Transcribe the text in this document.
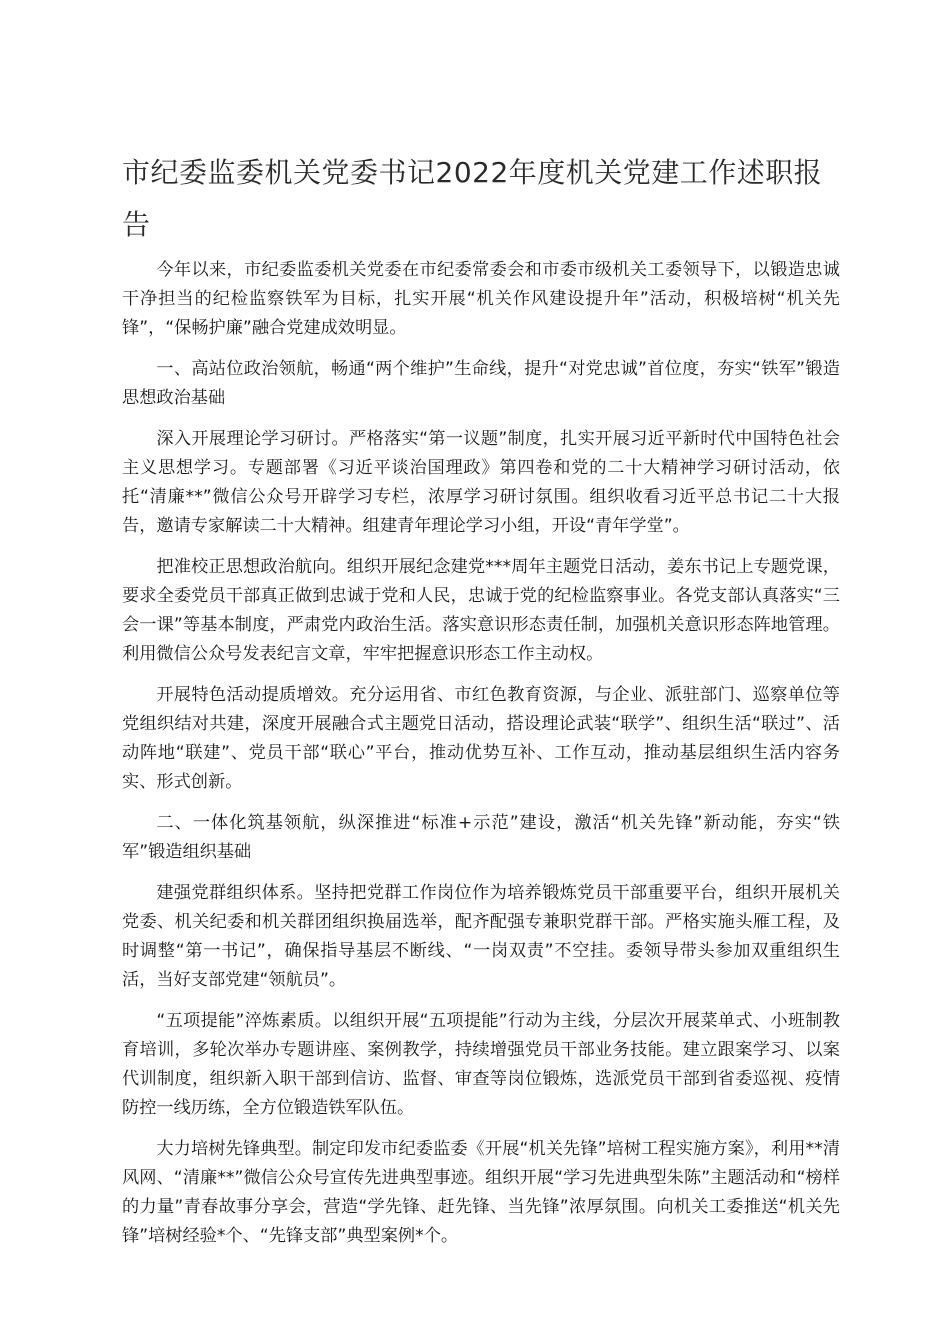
市纪委监委机关党委书记2022年度机关党建工作述职报告

今年以来，市纪委监委机关党委在市纪委常委会和市委市级机关工委领导下，以锻造忠诚干净担当的纪检监察铁军为目标，扎实开展“机关作风建设提升年”活动，积极培树“机关先锋”，“保畅护廉”融合党建成效明显。

一、高站位政治领航，畅通“两个维护”生命线，提升“对党忠诚”首位度，夯实“铁军”锻造思想政治基础

深入开展理论学习研讨。严格落实“第一议题”制度，扎实开展习近平新时代中国特色社会主义思想学习。专题部署《习近平谈治国理政》第四卷和党的二十大精神学习研讨活动，依托“清廉**”微信公众号开辟学习专栏，浓厚学习研讨氛围。组织收看习近平总书记二十大报告，邀请专家解读二十大精神。组建青年理论学习小组，开设“青年学堂”。

把准校正思想政治航向。组织开展纪念建党***周年主题党日活动，姜东书记上专题党课，要求全委党员干部真正做到忠诚于党和人民，忠诚于党的纪检监察事业。各党支部认真落实“三会一课”等基本制度，严肃党内政治生活。落实意识形态责任制，加强机关意识形态阵地管理。利用微信公众号发表纪言文章，牢牢把握意识形态工作主动权。

开展特色活动提质增效。充分运用省、市红色教育资源，与企业、派驻部门、巡察单位等党组织结对共建，深度开展融合式主题党日活动，搭设理论武装“联学”、组织生活“联过”、活动阵地“联建”、党员干部“联心”平台，推动优势互补、工作互动，推动基层组织生活内容务实、形式创新。

二、一体化筑基领航，纵深推进“标准+示范”建设，激活“机关先锋”新动能，夯实“铁军”锻造组织基础

建强党群组织体系。坚持把党群工作岗位作为培养锻炼党员干部重要平台，组织开展机关党委、机关纪委和机关群团组织换届选举，配齐配强专兼职党群干部。严格实施头雁工程，及时调整“第一书记”，确保指导基层不断线、“一岗双责”不空挂。委领导带头参加双重组织生活，当好支部党建“领航员”。

“五项提能”淬炼素质。以组织开展“五项提能”行动为主线，分层次开展菜单式、小班制教育培训，多轮次举办专题讲座、案例教学，持续增强党员干部业务技能。建立跟案学习、以案代训制度，组织新入职干部到信访、监督、审查等岗位锻炼，选派党员干部到省委巡视、疫情防控一线历练，全方位锻造铁军队伍。

大力培树先锋典型。制定印发市纪委监委《开展“机关先锋”培树工程实施方案》，利用**清风网、“清廉**”微信公众号宣传先进典型事迹。组织开展“学习先进典型朱陈”主题活动和“榜样的力量”青春故事分享会，营造“学先锋、赶先锋、当先锋”浓厚氛围。向机关工委推送“机关先锋”培树经验*个、“先锋支部”典型案例*个。
